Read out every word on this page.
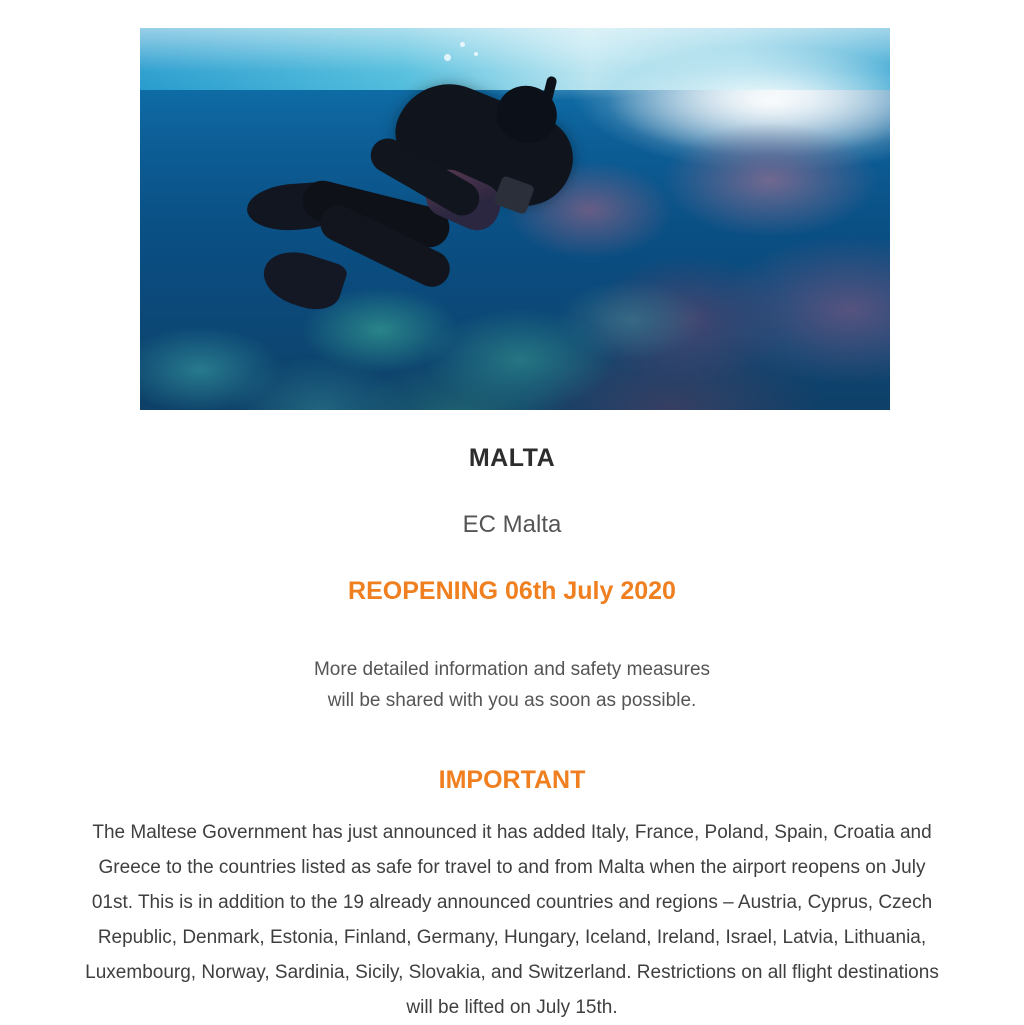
MALTA
EC Malta
REOPENING 06th July 2020
More detailed information and safety measures
will be shared with you as soon as possible.
IMPORTANT
The Maltese Government has just announced it has added Italy, France, Poland, Spain, Croatia and Greece to the countries listed as safe for travel to and from Malta when the airport reopens on July 01st. This is in addition to the 19 already announced countries and regions – Austria, Cyprus, Czech Republic, Denmark, Estonia, Finland, Germany, Hungary, Iceland, Ireland, Israel, Latvia, Lithuania, Luxembourg, Norway, Sardinia, Sicily, Slovakia, and Switzerland. Restrictions on all flight destinations will be lifted on July 15th.
